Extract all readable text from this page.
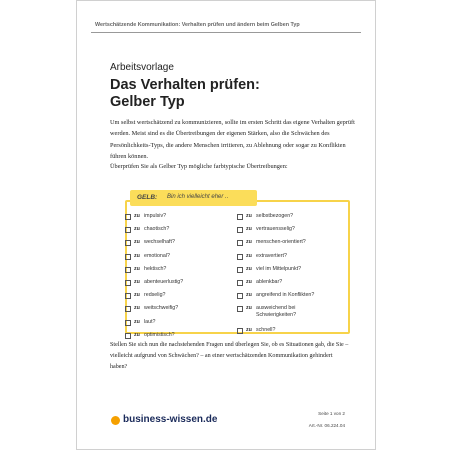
Wertschätzende Kommunikation: Verhalten prüfen und ändern beim Gelben Typ
Arbeitsvorlage
Das Verhalten prüfen:
Gelber Typ

Um selbst wertschätzend zu kommunizieren, sollte im ersten Schritt das eigene Verhalten geprüft werden. Meist sind es die Übertreibungen der eigenen Stärken, also die Schwächen des Persönlichkeits-Typs, die andere Menschen irritieren, zu Ablehnung oder sogar zu Konflikten führen können.

Überprüfen Sie als Gelber Typ mögliche farbtypische Übertreibungen:

GELB: Bin ich vielleicht eher ..
zu impulsiv?
zu chaotisch?
zu wechselhaft?
zu emotional?
zu hektisch?
zu abenteuerlustig?
zu redselig?
zu weitschweifig?
zu laut?
zu optimistisch?
zu selbstbezogen?
zu vertrauensselig?
zu menschen-orientiert?
zu extravertiert?
zu viel im Mittelpunkt?
zu ablenkbar?
zu angreifend in Konflikten?
zu ausweichend bei Schwierigkeiten?
zu schnell?

Stellen Sie sich nun die nachstehenden Fragen und überlegen Sie, ob es Situationen gab, die Sie – vielleicht aufgrund von Schwächen? – an einer wertschätzenden Kommunikation gehindert haben?

business-wissen.de
Seite 1 von 2
Art.-Nr. 06.224.04
